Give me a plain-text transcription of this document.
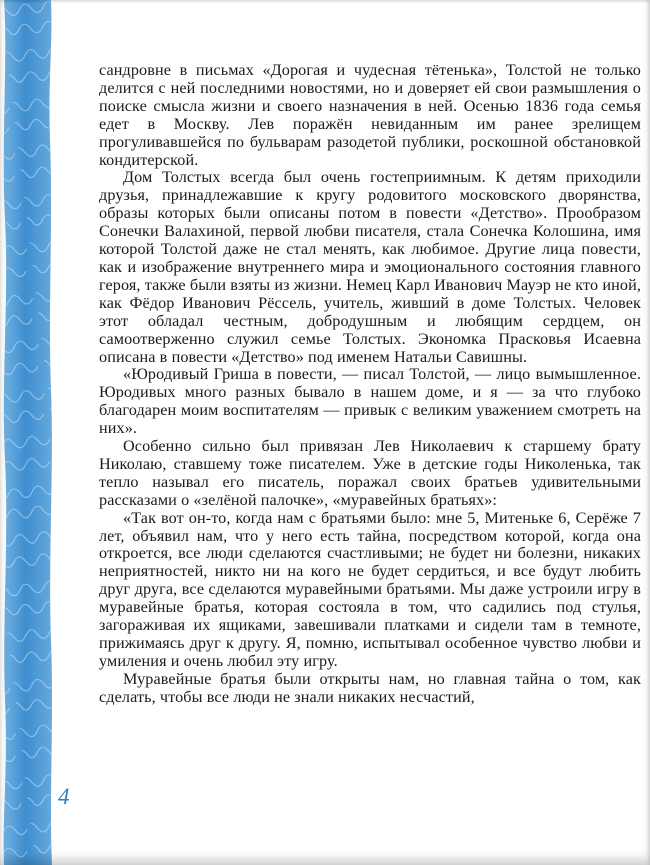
сандровне в письмах «Дорогая и чудесная тётенька», Толстой не только делится с ней последними новостями, но и доверяет ей свои размышления о поиске смысла жизни и своего назначения в ней. Осенью 1836 года семья едет в Москву. Лев поражён невиданным им ранее зрелищем прогуливавшейся по бульварам разодетой публики, роскошной обстановкой кондитерской.

Дом Толстых всегда был очень гостеприимным. К детям приходили друзья, принадлежавшие к кругу родовитого московского дворянства, образы которых были описаны потом в повести «Детство». Прообразом Сонечки Валахиной, первой любви писателя, стала Сонечка Колошина, имя которой Толстой даже не стал менять, как любимое. Другие лица повести, как и изображение внутреннего мира и эмоционального состояния главного героя, также были взяты из жизни. Немец Карл Иванович Мауэр не кто иной, как Фёдор Иванович Рёссель, учитель, живший в доме Толстых. Человек этот обладал честным, добродушным и любящим сердцем, он самоотверженно служил семье Толстых. Экономка Прасковья Исаевна описана в повести «Детство» под именем Натальи Савишны.

«Юродивый Гриша в повести, — писал Толстой, — лицо вымышленное. Юродивых много разных бывало в нашем доме, и я — за что глубоко благодарен моим воспитателям — привык с великим уважением смотреть на них».

Особенно сильно был привязан Лев Николаевич к старшему брату Николаю, ставшему тоже писателем. Уже в детские годы Николенька, так тепло называл его писатель, поражал своих братьев удивительными рассказами о «зелёной палочке», «муравейных братьях»:

«Так вот он-то, когда нам с братьями было: мне 5, Митеньке 6, Серёже 7 лет, объявил нам, что у него есть тайна, посредством которой, когда она откроется, все люди сделаются счастливыми; не будет ни болезни, никаких неприятностей, никто ни на кого не будет сердиться, и все будут любить друг друга, все сделаются муравейными братьями. Мы даже устроили игру в муравейные братья, которая состояла в том, что садились под стулья, загораживая их ящиками, завешивали платками и сидели там в темноте, прижимаясь друг к другу. Я, помню, испытывал особенное чувство любви и умиления и очень любил эту игру.

Муравейные братья были открыты нам, но главная тайна о том, как сделать, чтобы все люди не знали никаких несчастий,

4
